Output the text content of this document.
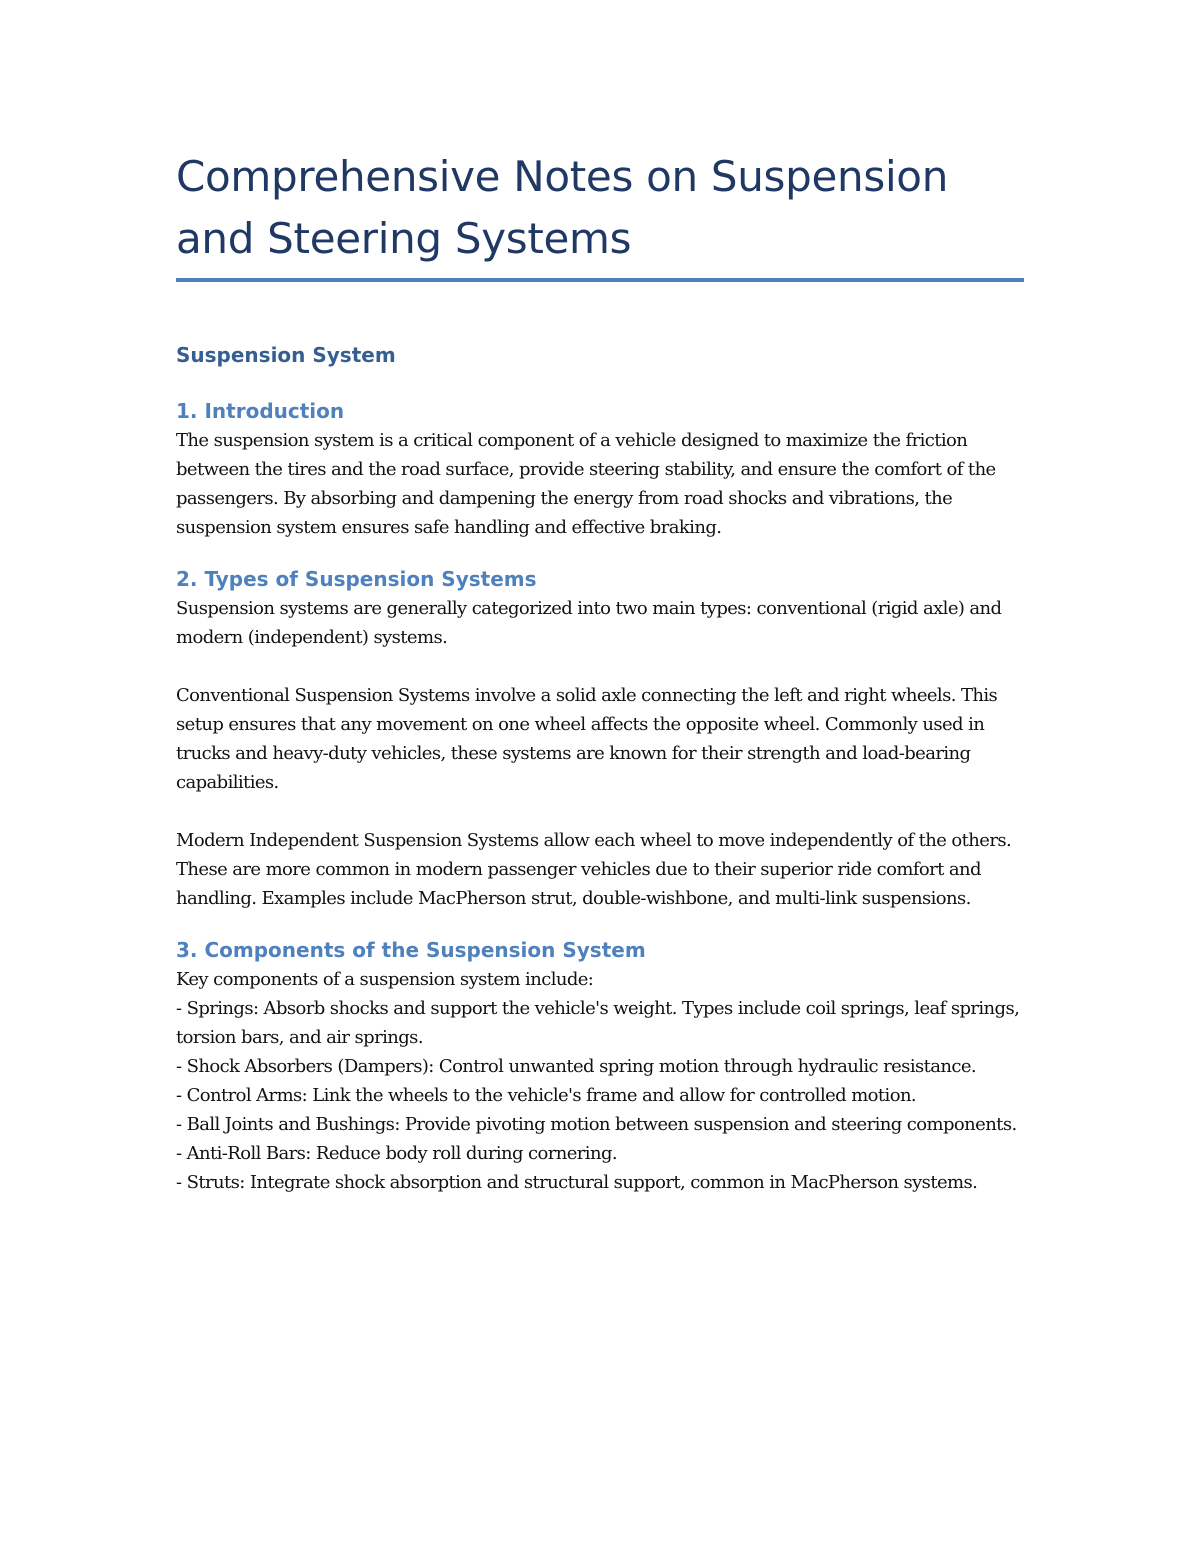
Comprehensive Notes on Suspension and Steering Systems
Suspension System
1. Introduction

The suspension system is a critical component of a vehicle designed to maximize the friction between the tires and the road surface, provide steering stability, and ensure the comfort of the passengers. By absorbing and dampening the energy from road shocks and vibrations, the suspension system ensures safe handling and effective braking.

2. Types of Suspension Systems

Suspension systems are generally categorized into two main types: conventional (rigid axle) and modern (independent) systems.

Conventional Suspension Systems involve a solid axle connecting the left and right wheels. This setup ensures that any movement on one wheel affects the opposite wheel. Commonly used in trucks and heavy-duty vehicles, these systems are known for their strength and load-bearing capabilities.

Modern Independent Suspension Systems allow each wheel to move independently of the others. These are more common in modern passenger vehicles due to their superior ride comfort and handling. Examples include MacPherson strut, double-wishbone, and multi-link suspensions.

3. Components of the Suspension System

Key components of a suspension system include:

- Springs: Absorb shocks and support the vehicle's weight. Types include coil springs, leaf springs, torsion bars, and air springs.

- Shock Absorbers (Dampers): Control unwanted spring motion through hydraulic resistance.

- Control Arms: Link the wheels to the vehicle's frame and allow for controlled motion.

- Ball Joints and Bushings: Provide pivoting motion between suspension and steering components.

- Anti-Roll Bars: Reduce body roll during cornering.

- Struts: Integrate shock absorption and structural support, common in MacPherson systems.
